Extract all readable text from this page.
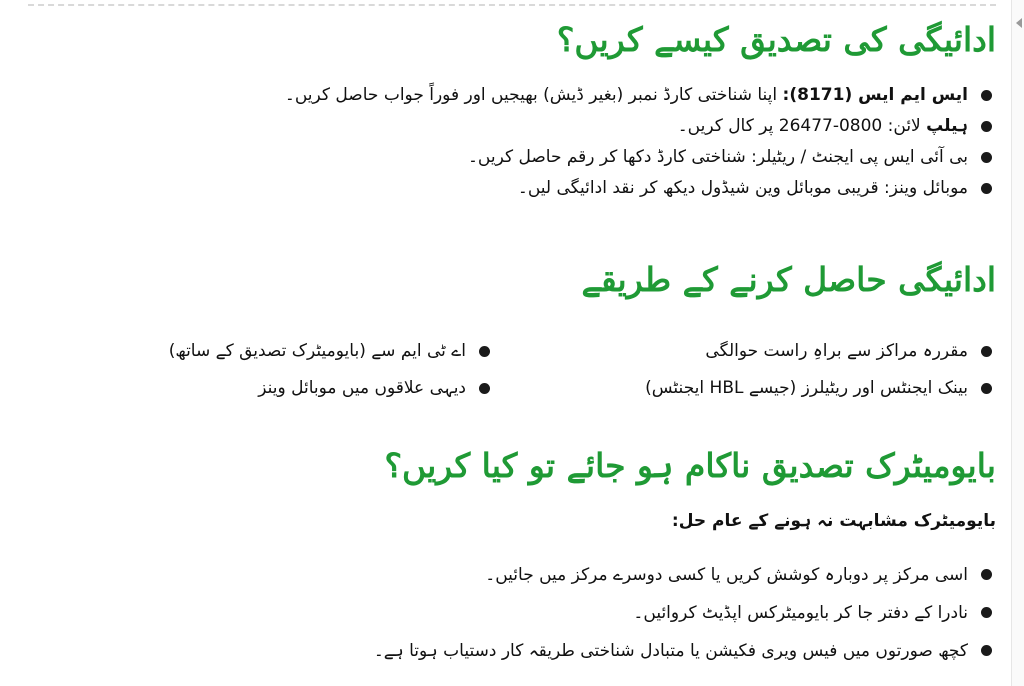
ادائیگی کی تصدیق کیسے کریں؟
ایس ایم ایس (8171): اپنا شناختی کارڈ نمبر (بغیر ڈیش) بھیجیں اور فوراً جواب حاصل کریں۔
ہیلپ لائن: 0800-26477 پر کال کریں۔
بی آئی ایس پی ایجنٹ / ریٹیلر: شناختی کارڈ دکھا کر رقم حاصل کریں۔
موبائل وینز: قریبی موبائل وین شیڈول دیکھ کر نقد ادائیگی لیں۔
ادائیگی حاصل کرنے کے طریقے
مقررہ مراکز سے براہِ راست حوالگی
بینک ایجنٹس اور ریٹیلرز (جیسے HBL ایجنٹس)
اے ٹی ایم سے (بایومیٹرک تصدیق کے ساتھ)
دیہی علاقوں میں موبائل وینز
بایومیٹرک تصدیق ناکام ہو جائے تو کیا کریں؟

بایومیٹرک مشابہت نہ ہونے کے عام حل:

اسی مرکز پر دوبارہ کوشش کریں یا کسی دوسرے مرکز میں جائیں۔
نادرا کے دفتر جا کر بایومیٹرکس اپڈیٹ کروائیں۔
کچھ صورتوں میں فیس ویری فکیشن یا متبادل شناختی طریقہ کار دستیاب ہوتا ہے۔
